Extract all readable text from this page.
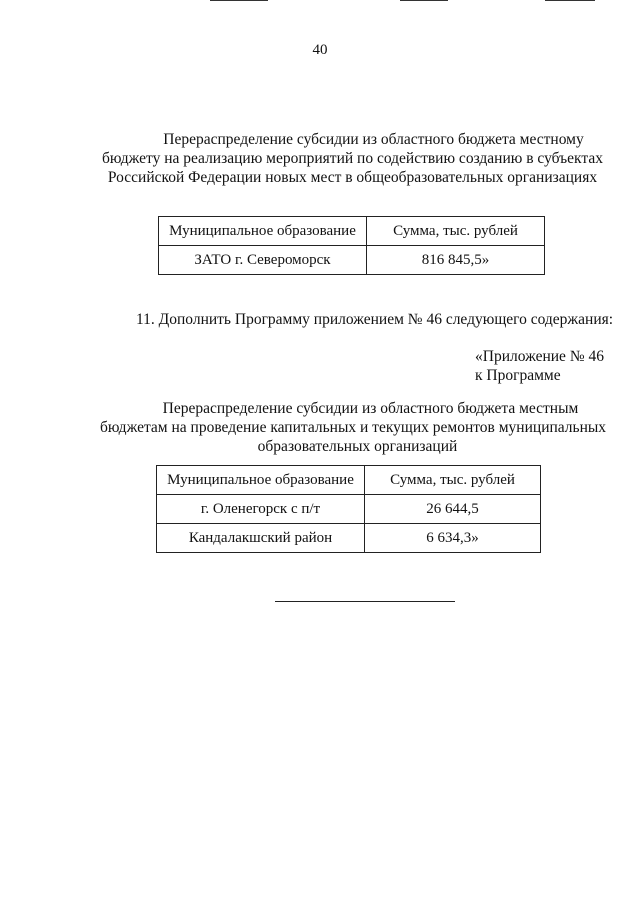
40
Перераспределение субсидии из областного бюджета местному
бюджету на реализацию мероприятий по содействию созданию в субъектах
Российской Федерации новых мест в общеобразовательных организациях
Муниципальное образование	Сумма, тыс. рублей
ЗАТО г. Североморск	816 845,5»
11. Дополнить Программу приложением № 46 следующего содержания:
«Приложение № 46
к Программе
Перераспределение субсидии из областного бюджета местным
бюджетам на проведение капитальных и текущих ремонтов муниципальных
образовательных организаций
Муниципальное образование	Сумма, тыс. рублей
г. Оленегорск с п/т	26 644,5
Кандалакшский район	6 634,3»
